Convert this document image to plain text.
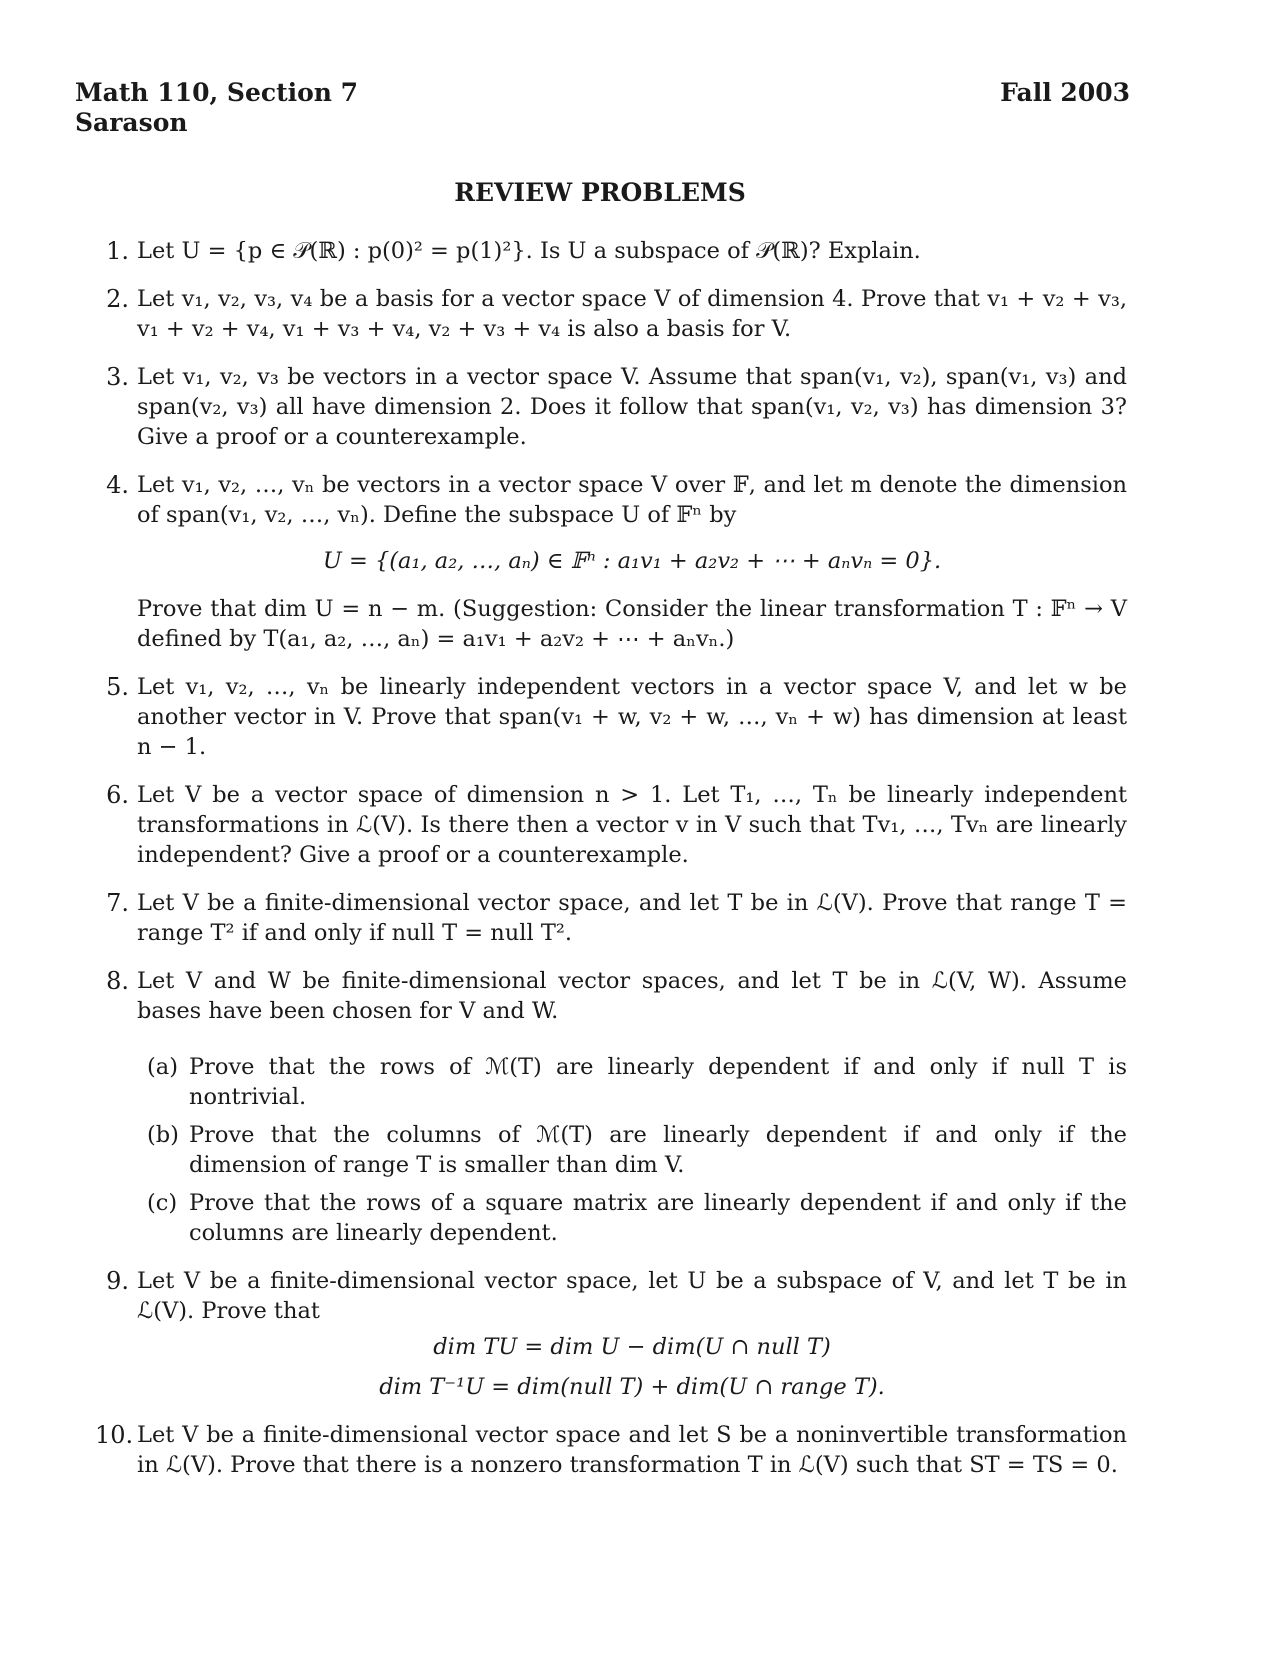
Math 110, Section 7
Sarason
Fall 2003
REVIEW PROBLEMS
1. Let U = {p ∈ 𝒫(ℝ) : p(0)² = p(1)²}. Is U a subspace of 𝒫(ℝ)? Explain.
2. Let v₁, v₂, v₃, v₄ be a basis for a vector space V of dimension 4. Prove that v₁ + v₂ + v₃, v₁ + v₂ + v₄, v₁ + v₃ + v₄, v₂ + v₃ + v₄ is also a basis for V.
3. Let v₁, v₂, v₃ be vectors in a vector space V. Assume that span(v₁, v₂), span(v₁, v₃) and span(v₂, v₃) all have dimension 2. Does it follow that span(v₁, v₂, v₃) has dimension 3? Give a proof or a counterexample.
4. Let v₁, v₂, …, vₙ be vectors in a vector space V over 𝔽, and let m denote the dimension of span(v₁, v₂, …, vₙ). Define the subspace U of 𝔽ⁿ by
U = {(a₁, a₂, …, aₙ) ∈ 𝔽ⁿ : a₁v₁ + a₂v₂ + ⋯ + aₙvₙ = 0}.
Prove that dim U = n − m. (Suggestion: Consider the linear transformation T : 𝔽ⁿ → V defined by T(a₁, a₂, …, aₙ) = a₁v₁ + a₂v₂ + ⋯ + aₙvₙ.)
5. Let v₁, v₂, …, vₙ be linearly independent vectors in a vector space V, and let w be another vector in V. Prove that span(v₁ + w, v₂ + w, …, vₙ + w) has dimension at least n − 1.
6. Let V be a vector space of dimension n > 1. Let T₁, …, Tₙ be linearly independent transformations in ℒ(V). Is there then a vector v in V such that Tv₁, …, Tvₙ are linearly independent? Give a proof or a counterexample.
7. Let V be a finite-dimensional vector space, and let T be in ℒ(V). Prove that range T = range T² if and only if null T = null T².
8. Let V and W be finite-dimensional vector spaces, and let T be in ℒ(V, W). Assume bases have been chosen for V and W.
(a) Prove that the rows of ℳ(T) are linearly dependent if and only if null T is nontrivial.
(b) Prove that the columns of ℳ(T) are linearly dependent if and only if the dimension of range T is smaller than dim V.
(c) Prove that the rows of a square matrix are linearly dependent if and only if the columns are linearly dependent.
9. Let V be a finite-dimensional vector space, let U be a subspace of V, and let T be in ℒ(V). Prove that
dim TU = dim U − dim(U ∩ null T)
dim T⁻¹U = dim(null T) + dim(U ∩ range T).
10. Let V be a finite-dimensional vector space and let S be a noninvertible transformation in ℒ(V). Prove that there is a nonzero transformation T in ℒ(V) such that ST = TS = 0.
